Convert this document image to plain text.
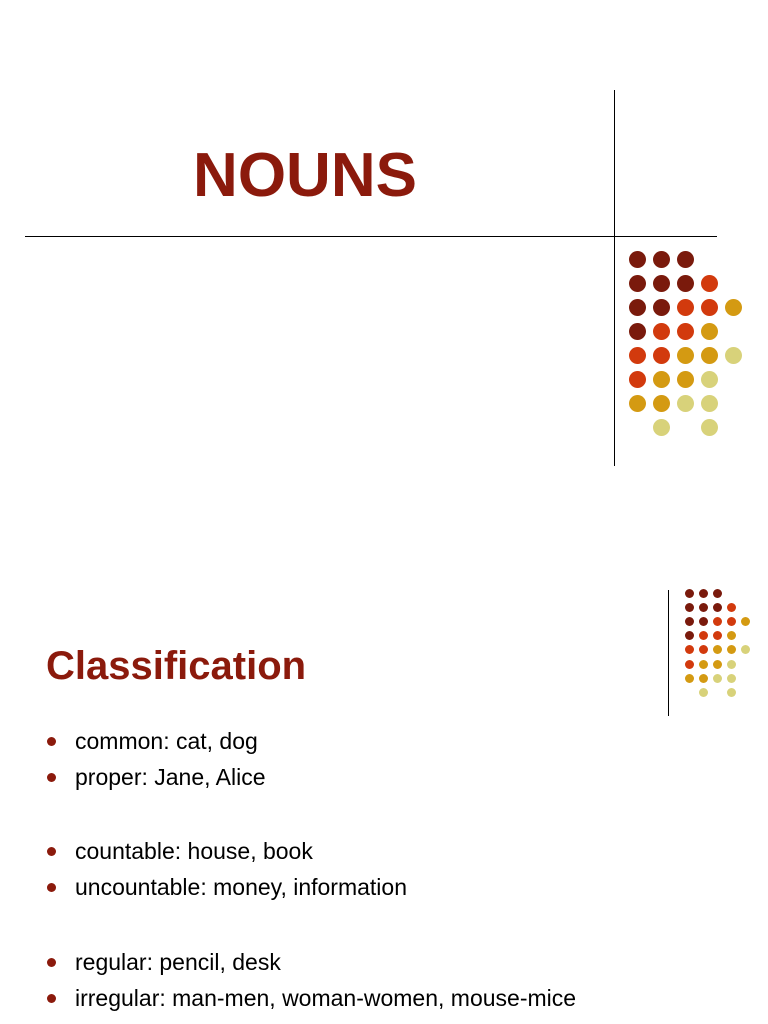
NOUNS
Classification
common: cat, dog
proper: Jane, Alice
countable: house, book
uncountable: money, information
regular: pencil, desk
irregular: man-men, woman-women, mouse-mice
